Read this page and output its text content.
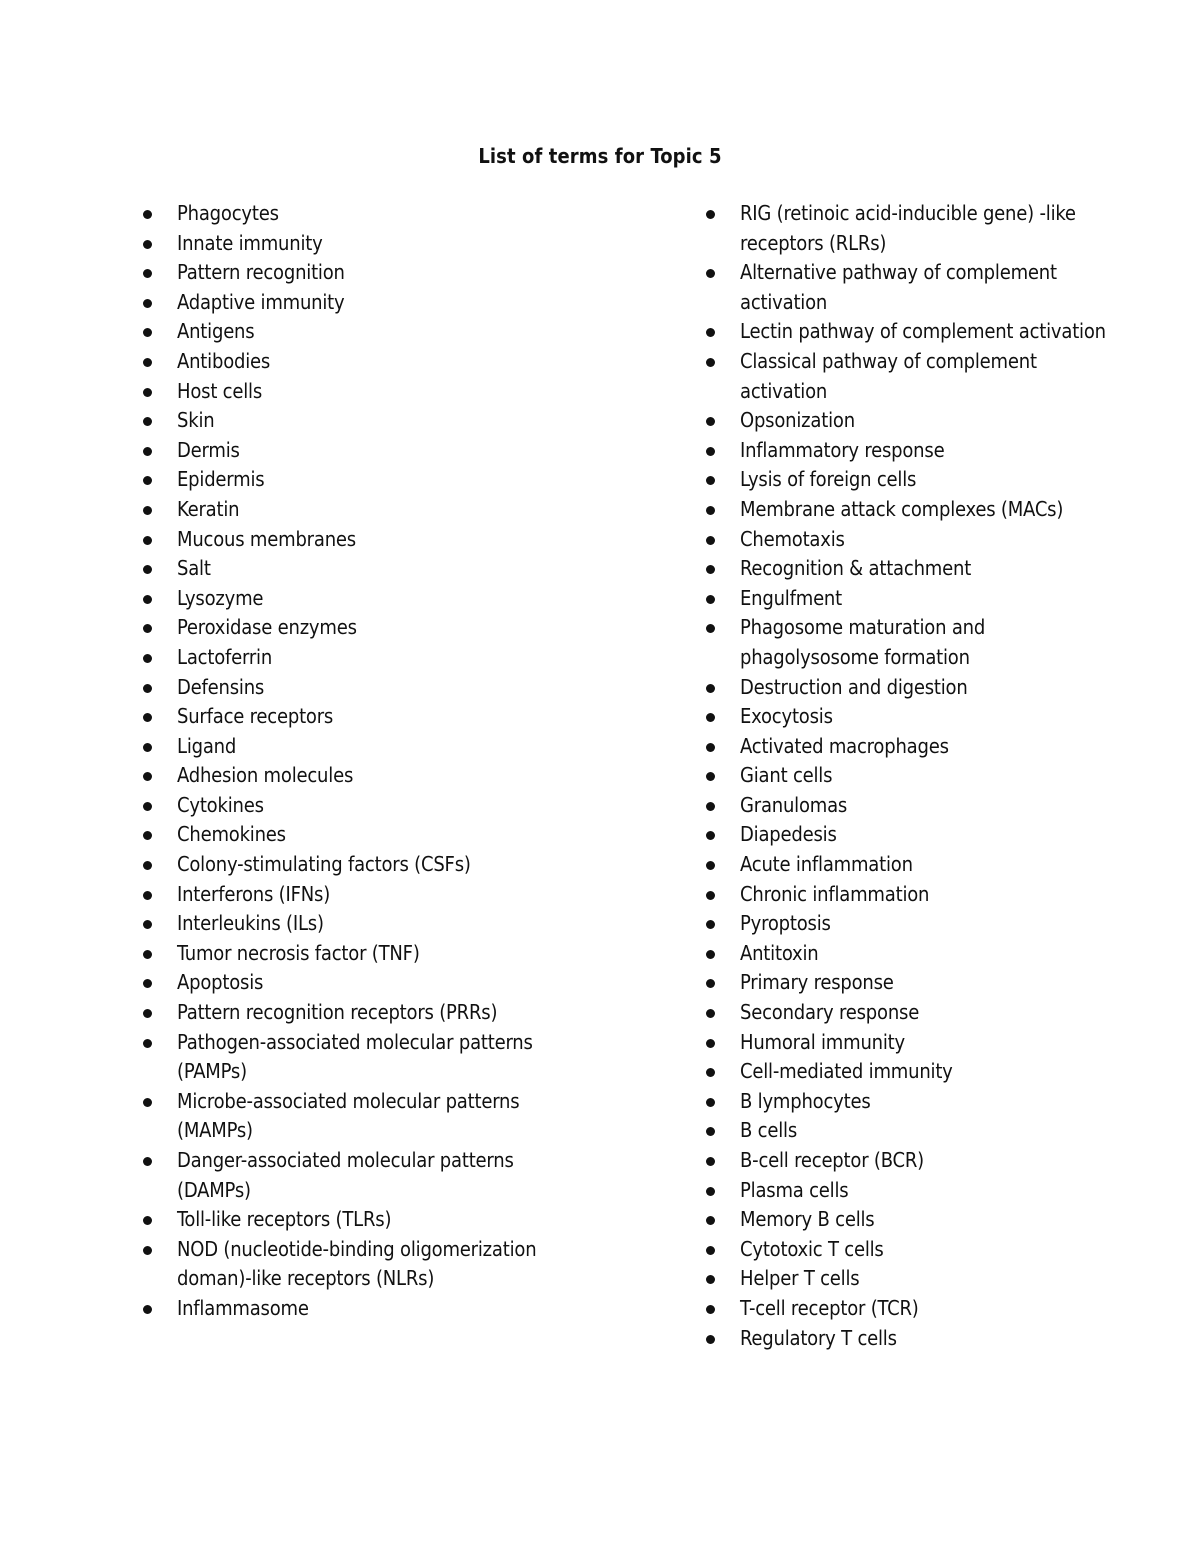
List of terms for Topic 5
Phagocytes
Innate immunity
Pattern recognition
Adaptive immunity
Antigens
Antibodies
Host cells
Skin
Dermis
Epidermis
Keratin
Mucous membranes
Salt
Lysozyme
Peroxidase enzymes
Lactoferrin
Defensins
Surface receptors
Ligand
Adhesion molecules
Cytokines
Chemokines
Colony-stimulating factors (CSFs)
Interferons (IFNs)
Interleukins (ILs)
Tumor necrosis factor (TNF)
Apoptosis
Pattern recognition receptors (PRRs)
Pathogen-associated molecular patterns (PAMPs)
Microbe-associated molecular patterns (MAMPs)
Danger-associated molecular patterns (DAMPs)
Toll-like receptors (TLRs)
NOD (nucleotide-binding oligomerization doman)-like receptors (NLRs)
Inflammasome
RIG (retinoic acid-inducible gene) -like receptors (RLRs)
Alternative pathway of complement activation
Lectin pathway of complement activation
Classical pathway of complement activation
Opsonization
Inflammatory response
Lysis of foreign cells
Membrane attack complexes (MACs)
Chemotaxis
Recognition & attachment
Engulfment
Phagosome maturation and phagolysosome formation
Destruction and digestion
Exocytosis
Activated macrophages
Giant cells
Granulomas
Diapedesis
Acute inflammation
Chronic inflammation
Pyroptosis
Antitoxin
Primary response
Secondary response
Humoral immunity
Cell-mediated immunity
B lymphocytes
B cells
B-cell receptor (BCR)
Plasma cells
Memory B cells
Cytotoxic T cells
Helper T cells
T-cell receptor (TCR)
Regulatory T cells
